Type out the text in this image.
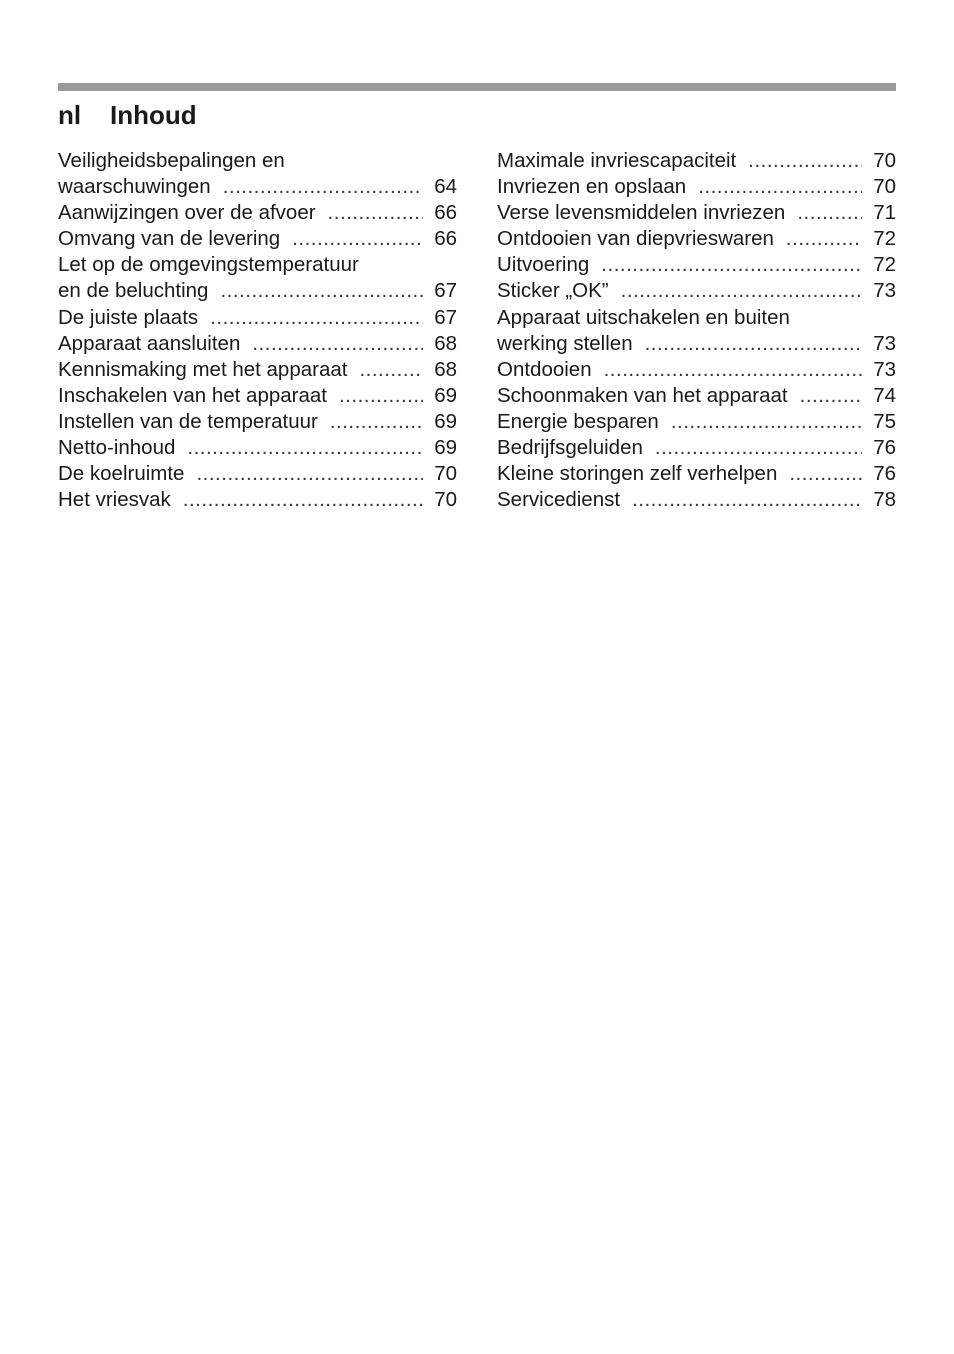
nl	Inhoud
Veiligheidsbepalingen en
waarschuwingen .....	64
Aanwijzingen over de afvoer .....	66
Omvang van de levering .....	66
Let op de omgevingstemperatuur
en de beluchting .....	67
De juiste plaats .....	67
Apparaat aansluiten .....	68
Kennismaking met het apparaat .....	68
Inschakelen van het apparaat .....	69
Instellen van de temperatuur .....	69
Netto-inhoud .....	69
De koelruimte .....	70
Het vriesvak .....	70
Maximale invriescapaciteit .....	70
Invriezen en opslaan .....	70
Verse levensmiddelen invriezen .....	71
Ontdooien van diepvrieswaren .....	72
Uitvoering .....	72
Sticker „OK” .....	73
Apparaat uitschakelen en buiten
werking stellen .....	73
Ontdooien .....	73
Schoonmaken van het apparaat .....	74
Energie besparen .....	75
Bedrijfsgeluiden .....	76
Kleine storingen zelf verhelpen .....	76
Servicedienst .....	78
